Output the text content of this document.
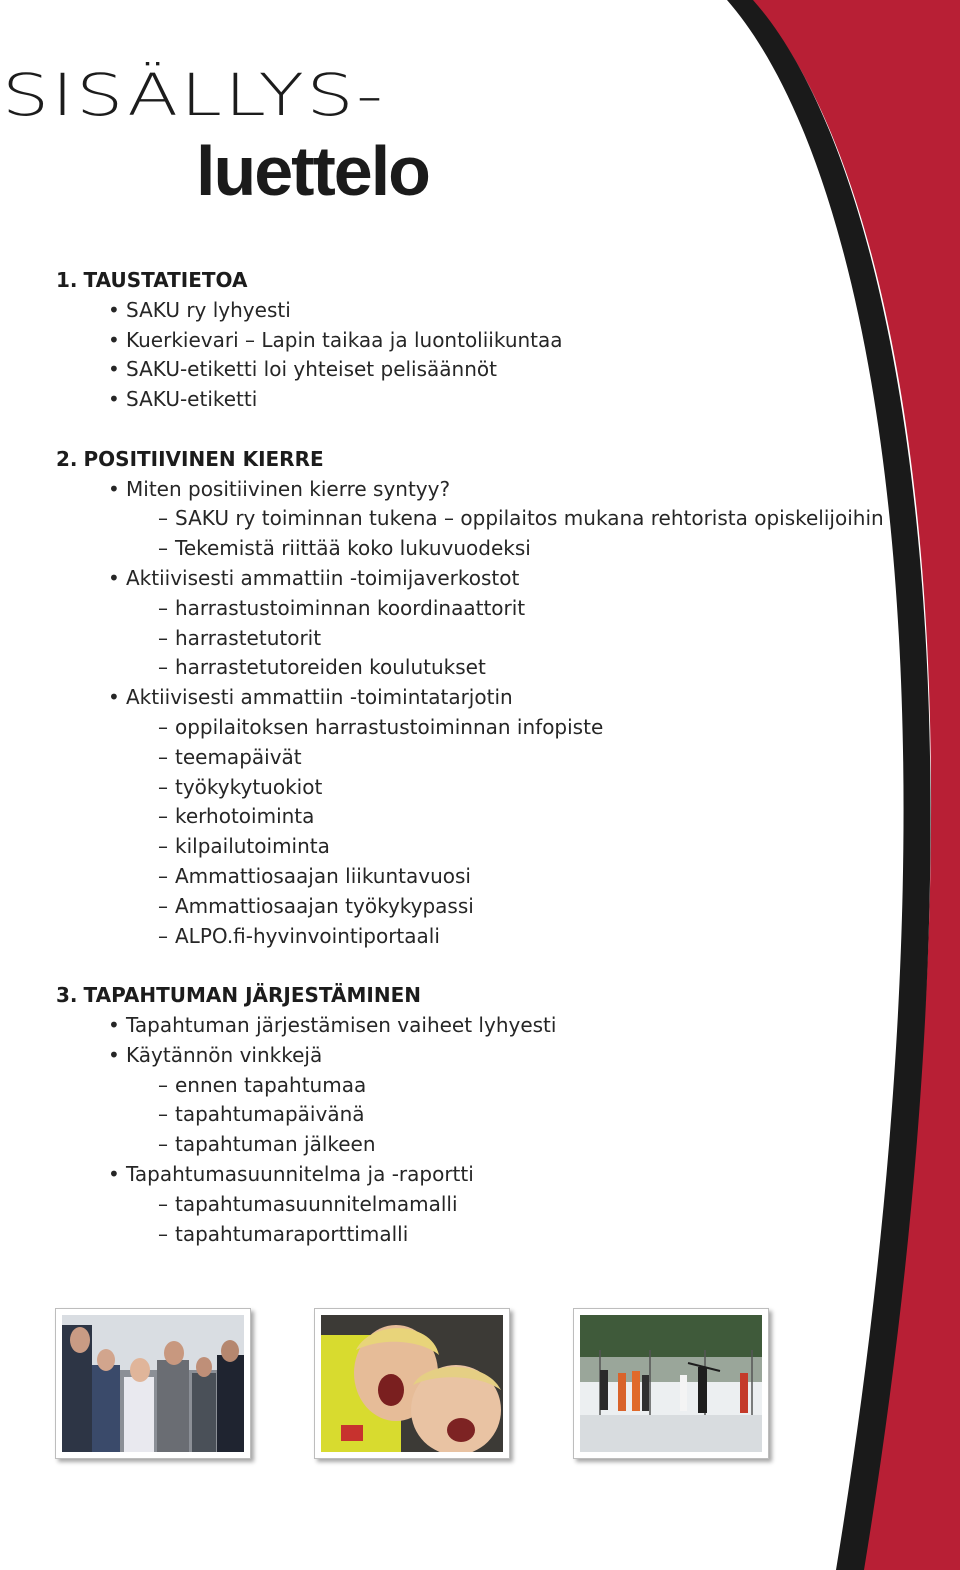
SISÄLLYS-
luettelo
1. TAUSTATIETOA
• SAKU ry lyhyesti
• Kuerkievari – Lapin taikaa ja luontoliikuntaa
• SAKU-etiketti loi yhteiset pelisäännöt
• SAKU-etiketti
2. POSITIIVINEN KIERRE
• Miten positiivinen kierre syntyy?
– SAKU ry toiminnan tukena – oppilaitos mukana rehtorista opiskelijoihin
– Tekemistä riittää koko lukuvuodeksi
• Aktiivisesti ammattiin -toimijaverkostot
– harrastustoiminnan koordinaattorit
– harrastetutorit
– harrastetutoreiden koulutukset
• Aktiivisesti ammattiin -toimintatarjotin
– oppilaitoksen harrastustoiminnan infopiste
– teemapäivät
– työkykytuokiot
– kerhotoiminta
– kilpailutoiminta
– Ammattiosaajan liikuntavuosi
– Ammattiosaajan työkykypassi
– ALPO.fi-hyvinvointiportaali
3. TAPAHTUMAN JÄRJESTÄMINEN
• Tapahtuman järjestämisen vaiheet lyhyesti
• Käytännön vinkkejä
– ennen tapahtumaa
– tapahtumapäivänä
– tapahtuman jälkeen
• Tapahtumasuunnitelma ja -raportti
– tapahtumasuunnitelmamalli
– tapahtumaraporttimalli
